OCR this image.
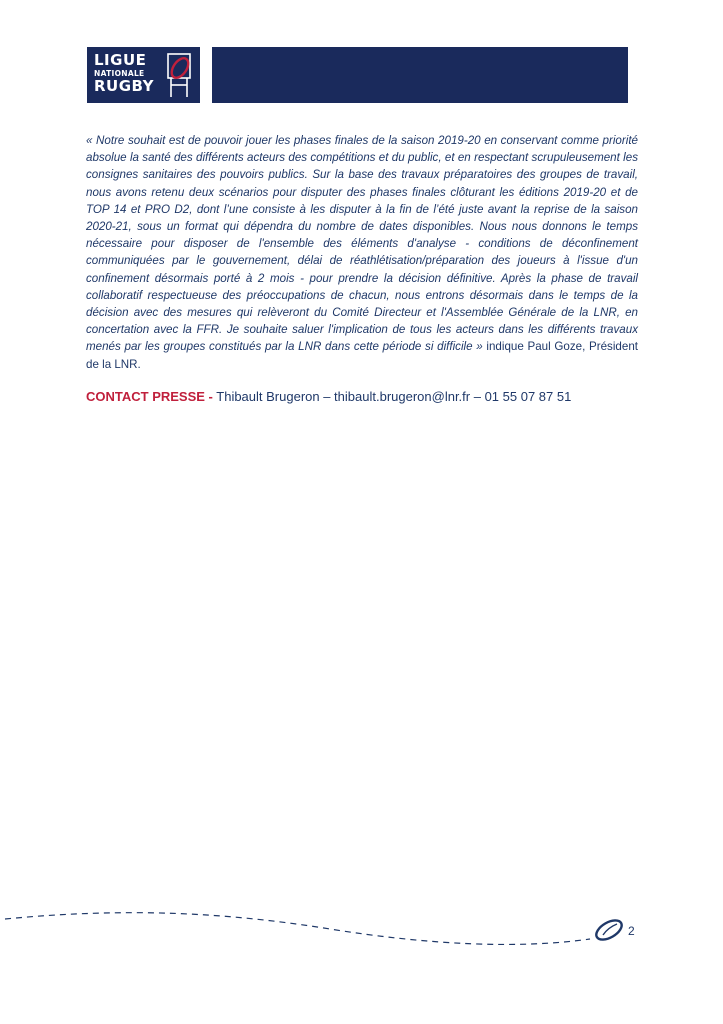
LIGUE
NATIONALE
RUGBY

« Notre souhait est de pouvoir jouer les phases finales de la saison 2019-20 en conservant comme priorité absolue la santé des différents acteurs des compétitions et du public, et en respectant scrupuleusement les consignes sanitaires des pouvoirs publics. Sur la base des travaux préparatoires des groupes de travail, nous avons retenu deux scénarios pour disputer des phases finales clôturant les éditions 2019-20 et de TOP 14 et PRO D2, dont l’une consiste à les disputer à la fin de l’été juste avant la reprise de la saison 2020-21, sous un format qui dépendra du nombre de dates disponibles. Nous nous donnons le temps nécessaire pour disposer de l'ensemble des éléments d'analyse - conditions de déconfinement communiquées par le gouvernement, délai de réathlétisation/préparation des joueurs à l'issue d'un confinement désormais porté à 2 mois - pour prendre la décision définitive. Après la phase de travail collaboratif respectueuse des préoccupations de chacun, nous entrons désormais dans le temps de la décision avec des mesures qui relèveront du Comité Directeur et l'Assemblée Générale de la LNR, en concertation avec la FFR. Je souhaite saluer l'implication de tous les acteurs dans les différents travaux menés par les groupes constitués par la LNR dans cette période si difficile » indique Paul Goze, Président de la LNR.

CONTACT PRESSE - Thibault Brugeron – thibault.brugeron@lnr.fr – 01 55 07 87 51

2
